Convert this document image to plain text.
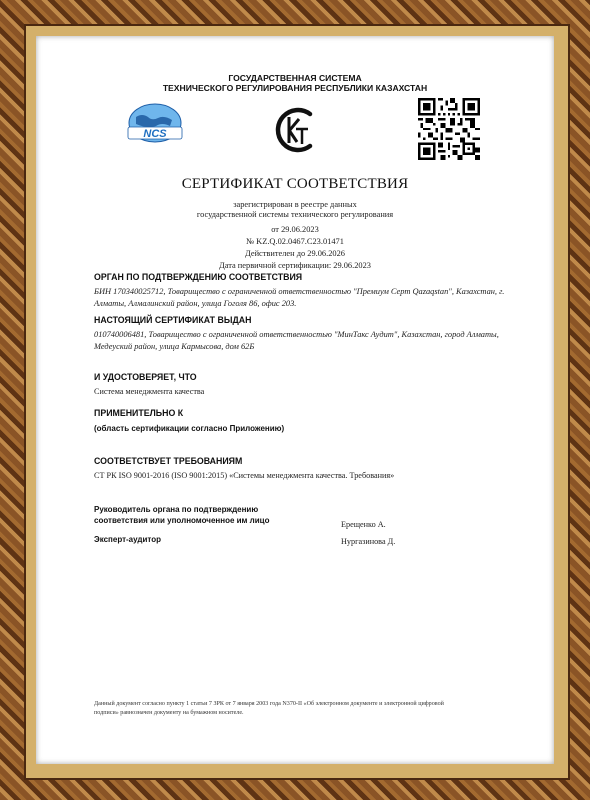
ГОСУДАРСТВЕННАЯ СИСТЕМА
ТЕХНИЧЕСКОГО РЕГУЛИРОВАНИЯ РЕСПУБЛИКИ КАЗАХСТАН
NCS
СЕРТИФИКАТ СООТВЕТСТВИЯ
зарегистрирован в реестре данных
государственной системы технического регулирования
от 29.06.2023
№ KZ.Q.02.0467.C23.01471
Действителен до 29.06.2026
Дата первичной сертификации: 29.06.2023
ОРГАН ПО ПОДТВЕРЖДЕНИЮ СООТВЕТСТВИЯ
БИН 170340025712, Товарищество с ограниченной ответственностью "Премиум Серт Qazaqstan", Казахстан, г.
Алматы, Алмалинский район, улица Гоголя 86, офис 203.
НАСТОЯЩИЙ СЕРТИФИКАТ ВЫДАН
010740006481, Товарищество с ограниченной ответственностью "МинТакс Аудит", Казахстан, город Алматы,
Медеуский район, улица Кармысова, дом 62Б
И УДОСТОВЕРЯЕТ, ЧТО
Система менеджмента качества
ПРИМЕНИТЕЛЬНО К
(область сертификации согласно Приложению)
СООТВЕТСТВУЕТ ТРЕБОВАНИЯМ
СТ РК ISO 9001-2016 (ISO 9001:2015) «Системы менеджмента качества. Требования»
Руководитель органа по подтверждению
соответствия или уполномоченное им лицо	Ерещенко А.
Эксперт-аудитор	Нургазинова Д.
Данный документ согласно пункту 1 статьи 7 ЗРК от 7 января 2003 года N370-II «Об электронном документе и электронной цифровой
подписи» равнозначен документу на бумажном носителе.
